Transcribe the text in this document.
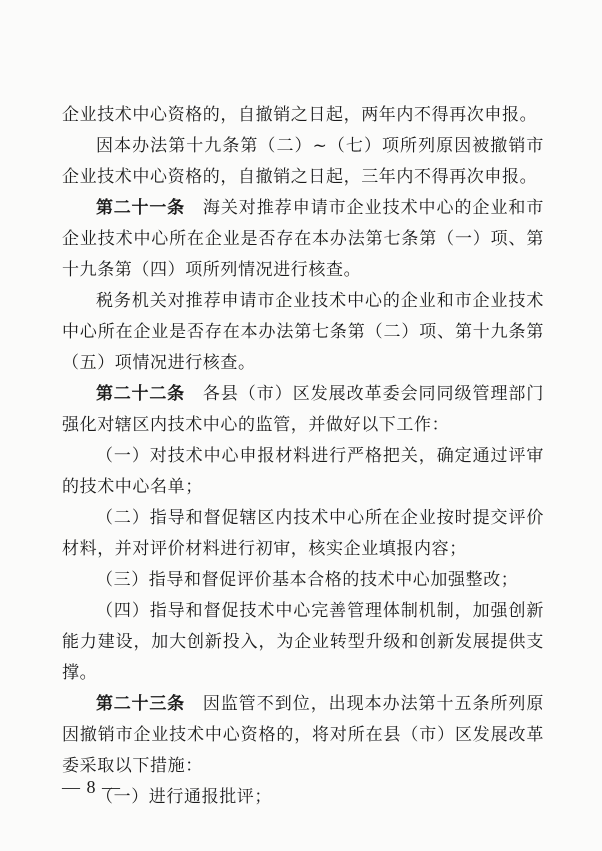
企业技术中心资格的，自撤销之日起，两年内不得再次申报。

因本办法第十九条第（二）~（七）项所列原因被撤销市企业技术中心资格的，自撤销之日起，三年内不得再次申报。

第二十一条　海关对推荐申请市企业技术中心的企业和市企业技术中心所在企业是否存在本办法第七条第（一）项、第十九条第（四）项所列情况进行核查。

税务机关对推荐申请市企业技术中心的企业和市企业技术中心所在企业是否存在本办法第七条第（二）项、第十九条第（五）项情况进行核查。

第二十二条　各县（市）区发展改革委会同同级管理部门强化对辖区内技术中心的监管，并做好以下工作：

（一）对技术中心申报材料进行严格把关，确定通过评审的技术中心名单；

（二）指导和督促辖区内技术中心所在企业按时提交评价材料，并对评价材料进行初审，核实企业填报内容；

（三）指导和督促评价基本合格的技术中心加强整改；

（四）指导和督促技术中心完善管理体制机制，加强创新能力建设，加大创新投入，为企业转型升级和创新发展提供支撑。

第二十三条　因监管不到位，出现本办法第十五条所列原因撤销市企业技术中心资格的，将对所在县（市）区发展改革委采取以下措施：

（一）进行通报批评；

— 8 —
